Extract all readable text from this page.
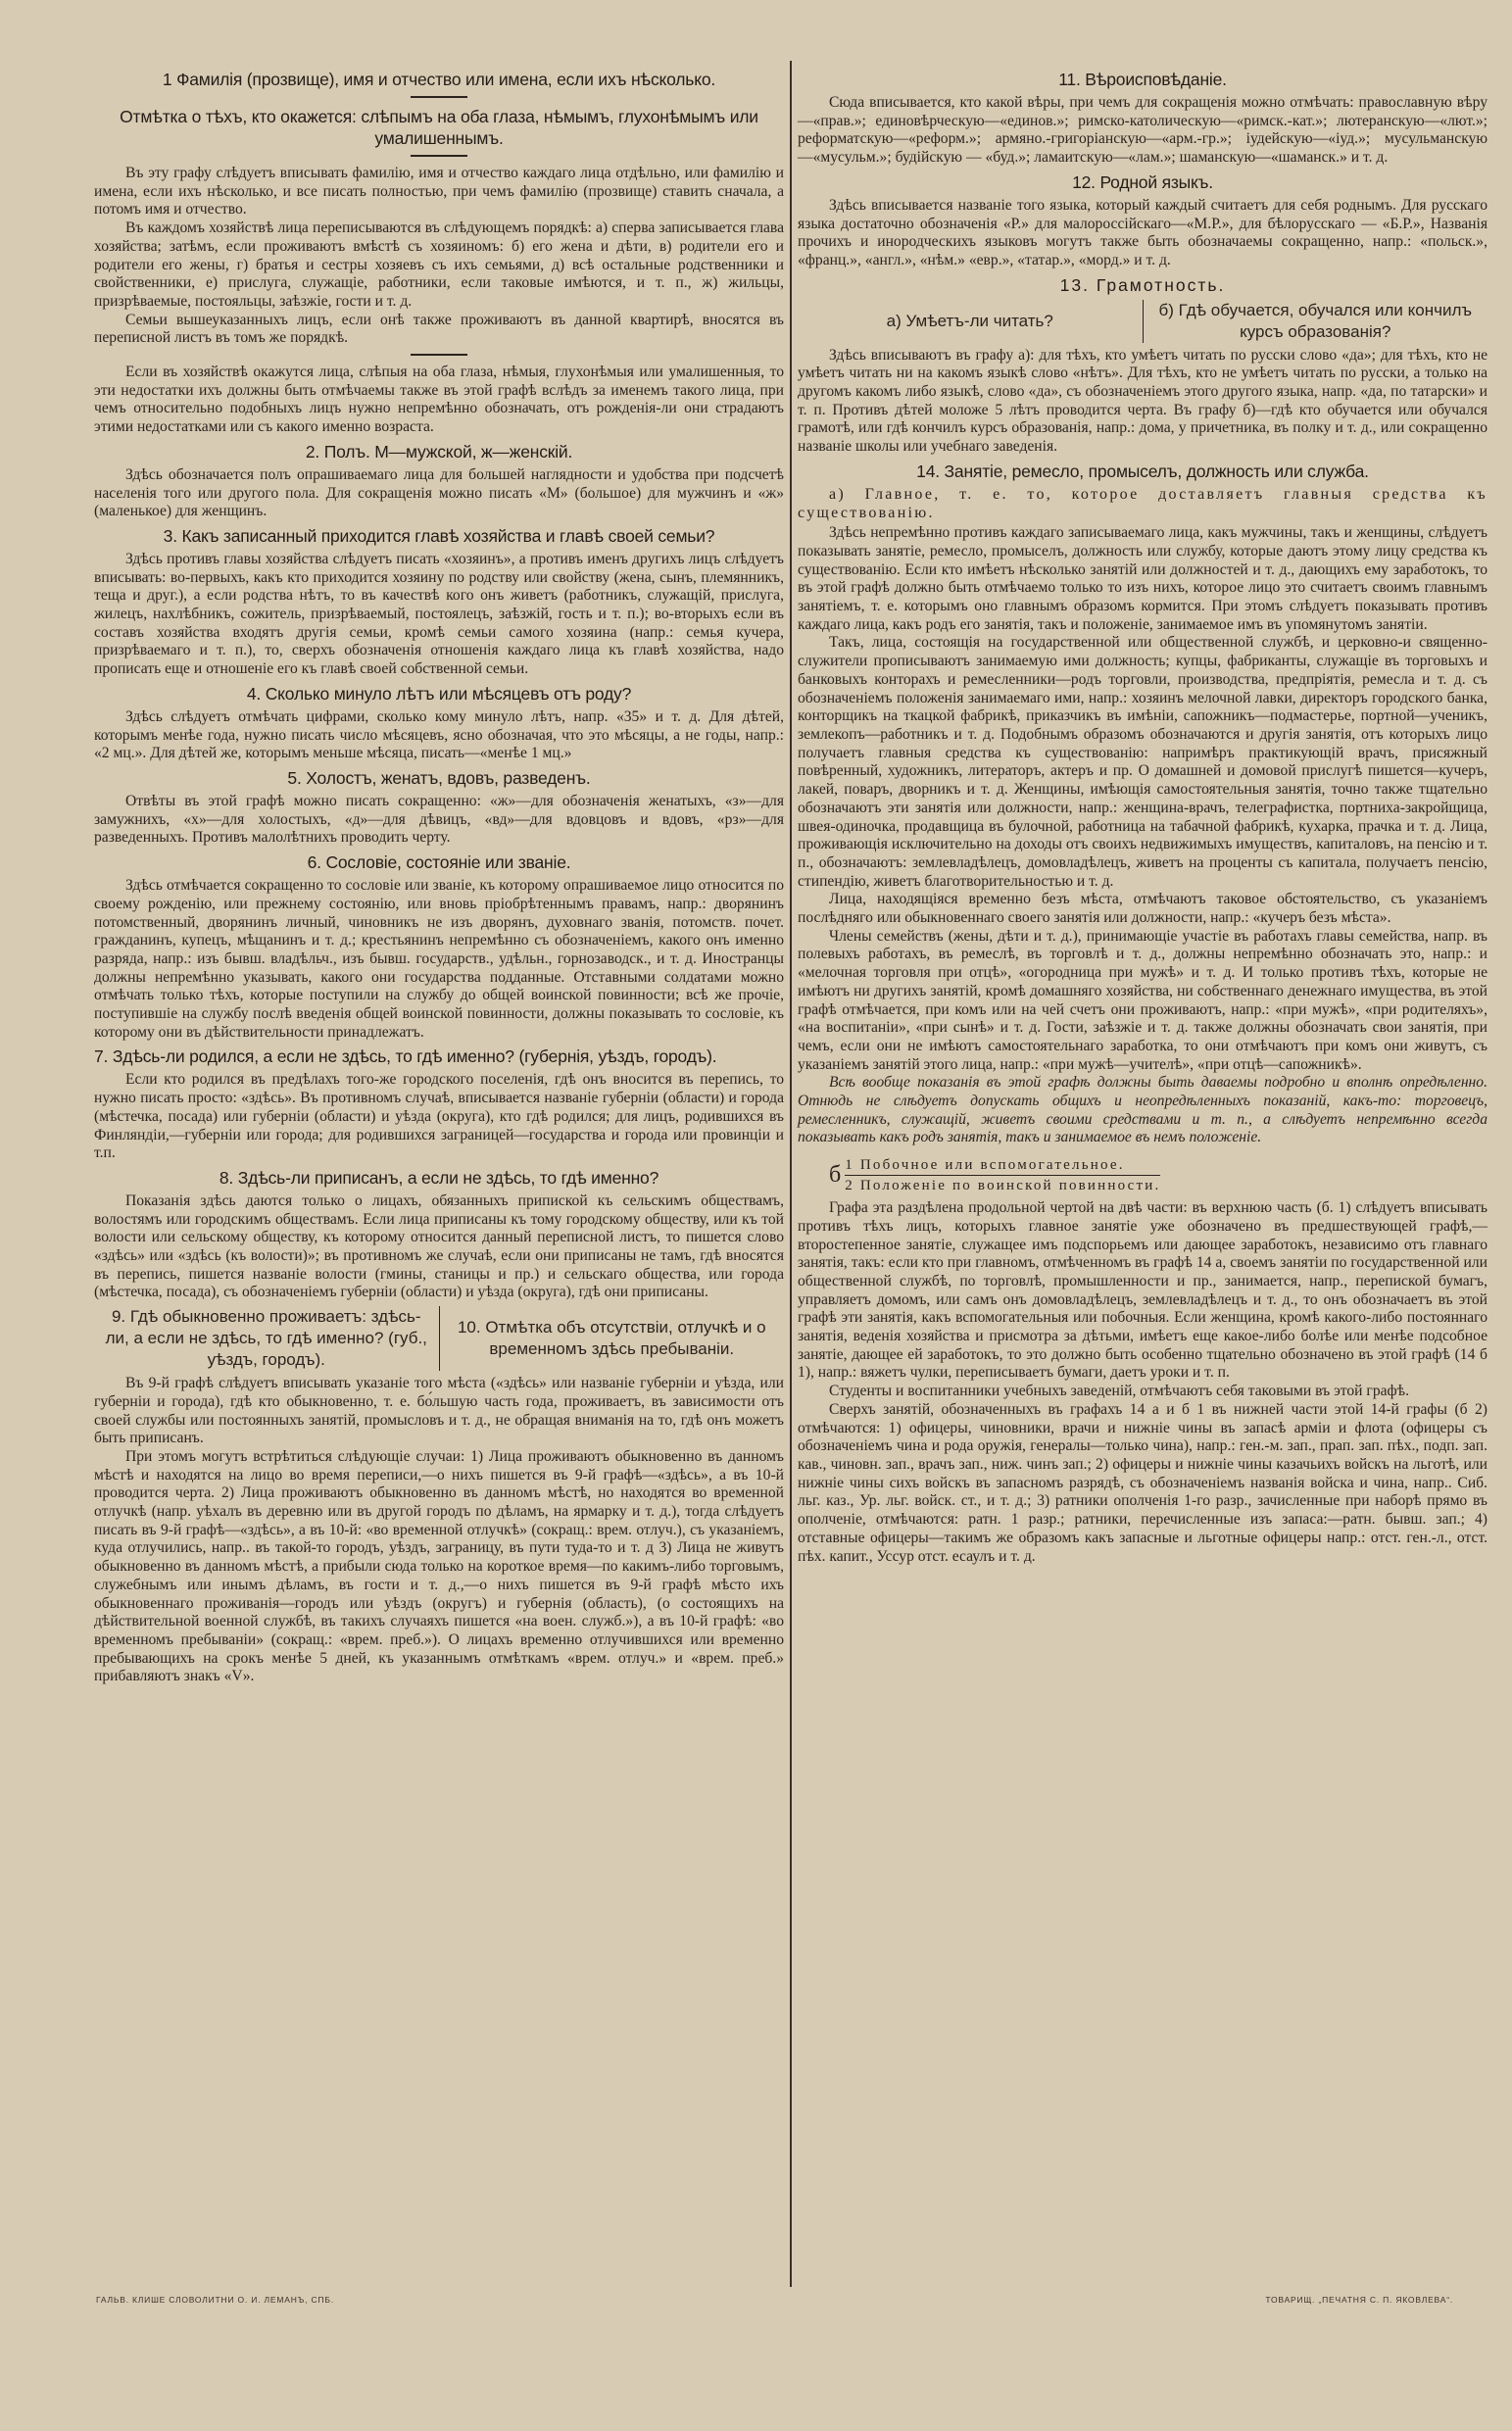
1 Фамилія (прозвище), имя и отчество или имена, если ихъ нѣсколько.
Отмѣтка о тѣхъ, кто окажется: слѣпымъ на оба глаза, нѣмымъ, глухонѣмымъ или умалишеннымъ.

Въ эту графу слѣдуетъ вписывать фамилію, имя и отчество каждаго лица отдѣльно, или фамилію и имена, если ихъ нѣсколько, и все писать полностью, при чемъ фамилію (прозвище) ставить сначала, а потомъ имя и отчество.

Въ каждомъ хозяйствѣ лица переписываются въ слѣдующемъ порядкѣ: а) сперва записывается глава хозяйства; затѣмъ, если проживаютъ вмѣстѣ съ хозяиномъ: б) его жена и дѣти, в) родители его и родители его жены, г) братья и сестры хозяевъ съ ихъ семьями, д) всѣ остальные родственники и свойственники, е) прислуга, служащіе, работники, если таковые имѣются, и т. п., ж) жильцы, призрѣваемые, постояльцы, заѣзжіе, гости и т. д.

Семьи вышеуказанныхъ лицъ, если онѣ также проживаютъ въ данной квартирѣ, вносятся въ переписной листъ въ томъ же порядкѣ.

Если въ хозяйствѣ окажутся лица, слѣпыя на оба глаза, нѣмыя, глухонѣмыя или умалишенныя, то эти недостатки ихъ должны быть отмѣчаемы также въ этой графѣ вслѣдъ за именемъ такого лица, при чемъ относительно подобныхъ лицъ нужно непремѣнно обозначать, отъ рожденія-ли они страдаютъ этими недостатками или съ какого именно возраста.

2. Полъ. М—мужской, ж—женскій.

Здѣсь обозначается полъ опрашиваемаго лица для большей наглядности и удобства при подсчетѣ населенія того или другого пола. Для сокращенія можно писать «М» (большое) для мужчинъ и «ж» (маленькое) для женщинъ.

3. Какъ записанный приходится главѣ хозяйства и главѣ своей семьи?

Здѣсь противъ главы хозяйства слѣдуетъ писать «хозяинъ», а противъ именъ другихъ лицъ слѣдуетъ вписывать: во-первыхъ, какъ кто приходится хозяину по родству или свойству (жена, сынъ, племянникъ, теща и друг.), а если родства нѣтъ, то въ качествѣ кого онъ живетъ (работникъ, служащій, прислуга, жилецъ, нахлѣбникъ, сожитель, призрѣваемый, постоялецъ, заѣзжій, гость и т. п.); во-вторыхъ если въ составъ хозяйства входятъ другія семьи, кромѣ семьи самого хозяина (напр.: семья кучера, призрѣваемаго и т. п.), то, сверхъ обозначенія отношенія каждаго лица къ главѣ хозяйства, надо прописать еще и отношеніе его къ главѣ своей собственной семьи.

4. Сколько минуло лѣтъ или мѣсяцевъ отъ роду?

Здѣсь слѣдуетъ отмѣчать цифрами, сколько кому минуло лѣтъ, напр. «35» и т. д. Для дѣтей, которымъ менѣе года, нужно писать число мѣсяцевъ, ясно обозначая, что это мѣсяцы, а не годы, напр.: «2 мц.». Для дѣтей же, которымъ меньше мѣсяца, писать—«менѣе 1 мц.»

5. Холостъ, женатъ, вдовъ, разведенъ.

Отвѣты въ этой графѣ можно писать сокращенно: «ж»—для обозначенія женатыхъ, «з»—для замужнихъ, «х»—для холостыхъ, «д»—для дѣвицъ, «вд»—для вдовцовъ и вдовъ, «рз»—для разведенныхъ. Противъ малолѣтнихъ проводить черту.

6. Сословіе, состояніе или званіе.

Здѣсь отмѣчается сокращенно то сословіе или званіе, къ которому опрашиваемое лицо относится по своему рожденію, или прежнему состоянію, или вновь пріобрѣтеннымъ правамъ, напр.: дворянинъ потомственный, дворянинъ личный, чиновникъ не изъ дворянъ, духовнаго званія, потомств. почет. гражданинъ, купецъ, мѣщанинъ и т. д.; крестьянинъ непремѣнно съ обозначеніемъ, какого онъ именно разряда, напр.: изъ бывш. владѣльч., изъ бывш. государств., удѣльн., горнозаводск., и т. д. Иностранцы должны непремѣнно указывать, какого они государства подданные. Отставными солдатами можно отмѣчать только тѣхъ, которые поступили на службу до общей воинской повинности; всѣ же прочіе, поступившіе на службу послѣ введенія общей воинской повинности, должны показывать то сословіе, къ которому они въ дѣйствительности принадлежатъ.

7. Здѣсь-ли родился, а если не здѣсь, то гдѣ именно? (губернія, уѣздъ, городъ).

Если кто родился въ предѣлахъ того-же городского поселенія, гдѣ онъ вносится въ перепись, то нужно писать просто: «здѣсь». Въ противномъ случаѣ, вписывается названіе губерніи (области) и города (мѣстечка, посада) или губерніи (области) и уѣзда (округа), кто гдѣ родился; для лицъ, родившихся въ Финляндіи,—губерніи или города; для родившихся заграницей—государства и города или провинціи и т.п.

8. Здѣсь-ли приписанъ, а если не здѣсь, то гдѣ именно?

Показанія здѣсь даются только о лицахъ, обязанныхъ припиской къ сельскимъ обществамъ, волостямъ или городскимъ обществамъ. Если лица приписаны къ тому городскому обществу, или къ той волости или сельскому обществу, къ которому относится данный переписной листъ, то пишется слово «здѣсь» или «здѣсь (къ волости)»; въ противномъ же случаѣ, если они приписаны не тамъ, гдѣ вносятся въ перепись, пишется названіе волости (гмины, станицы и пр.) и сельскаго общества, или города (мѣстечка, посада), съ обозначеніемъ губерніи (области) и уѣзда (округа), гдѣ они приписаны.

9. Гдѣ обыкновенно проживаетъ: здѣсь-ли, а если не здѣсь, то гдѣ именно? (губ., уѣздъ, городъ).
10. Отмѣтка объ отсутствіи, отлучкѣ и о временномъ здѣсь пребываніи.

Въ 9-й графѣ слѣдуетъ вписывать указаніе того мѣста («здѣсь» или названіе губерніи и уѣзда, или губерніи и города), гдѣ кто обыкновенно, т. е. бо́льшую часть года, проживаетъ, въ зависимости отъ своей службы или постоянныхъ занятій, промысловъ и т. д., не обращая вниманія на то, гдѣ онъ можетъ быть приписанъ.

При этомъ могутъ встрѣтиться слѣдующіе случаи: 1) Лица проживаютъ обыкновенно въ данномъ мѣстѣ и находятся на лицо во время переписи,—о нихъ пишется въ 9-й графѣ—«здѣсь», а въ 10-й проводится черта. 2) Лица проживаютъ обыкновенно въ данномъ мѣстѣ, но находятся во временной отлучкѣ (напр. уѣхалъ въ деревню или въ другой городъ по дѣламъ, на ярмарку и т. д.), тогда слѣдуетъ писать въ 9-й графѣ—«здѣсь», а въ 10-й: «во временной отлучкѣ» (сокращ.: врем. отлуч.), съ указаніемъ, куда отлучились, напр.. въ такой-то городъ, уѣздъ, заграницу, въ пути туда-то и т. д 3) Лица не живутъ обыкновенно въ данномъ мѣстѣ, а прибыли сюда только на короткое время—по какимъ-либо торговымъ, служебнымъ или инымъ дѣламъ, въ гости и т. д.,—о нихъ пишется въ 9-й графѣ мѣсто ихъ обыкновеннаго проживанія—городъ или уѣздъ (округъ) и губернія (область), (о состоящихъ на дѣйствительной военной службѣ, въ такихъ случаяхъ пишется «на воен. служб.»), а въ 10-й графѣ: «во временномъ пребываніи» (сокращ.: «врем. преб.»). О лицахъ временно отлучившихся или временно пребывающихъ на срокъ менѣе 5 дней, къ указаннымъ отмѣткамъ «врем. отлуч.» и «врем. преб.» прибавляютъ знакъ «V».

11. Вѣроисповѣданіе.

Сюда вписывается, кто какой вѣры, при чемъ для сокращенія можно отмѣчать: православную вѣру—«прав.»; единовѣрческую—«единов.»; римско-католическую—«римск.-кат.»; лютеранскую—«лют.»; реформатскую—«реформ.»; армяно.-григоріанскую—«арм.-гр.»; іудейскую—«іуд.»; мусульманскую—«мусульм.»; будійскую — «буд.»; ламаитскую—«лам.»; шаманскую—«шаманск.» и т. д.

12. Родной языкъ.

Здѣсь вписывается названіе того языка, который каждый считаетъ для себя роднымъ. Для русскаго языка достаточно обозначенія «Р.» для малороссійскаго—«М.Р.», для бѣлорусскаго — «Б.Р.», Названія прочихъ и инородческихъ языковъ могутъ также быть обозначаемы сокращенно, напр.: «польск.», «франц.», «англ.», «нѣм.» «евр.», «татар.», «морд.» и т. д.

13. Грамотность.
а) Умѣетъ-ли читать?
б) Гдѣ обучается, обучался или кончилъ курсъ образованія?

Здѣсь вписываютъ въ графу а): для тѣхъ, кто умѣетъ читать по русски слово «да»; для тѣхъ, кто не умѣетъ читать ни на какомъ языкѣ слово «нѣтъ». Для тѣхъ, кто не умѣетъ читать по русски, а только на другомъ какомъ либо языкѣ, слово «да», съ обозначеніемъ этого другого языка, напр. «да, по татарски» и т. п. Противъ дѣтей моложе 5 лѣтъ проводится черта. Въ графу б)—гдѣ кто обучается или обучался грамотѣ, или гдѣ кончилъ курсъ образованія, напр.: дома, у причетника, въ полку и т. д., или сокращенно названіе школы или учебнаго заведенія.

14. Занятіе, ремесло, промыселъ, должность или служба.

а) Главное, т. е. то, которое доставляетъ главныя средства къ существованію.

Здѣсь непремѣнно противъ каждаго записываемаго лица, какъ мужчины, такъ и женщины, слѣдуетъ показывать занятіе, ремесло, промыселъ, должность или службу, которые даютъ этому лицу средства къ существованію. Если кто имѣетъ нѣсколько занятій или должностей и т. д., дающихъ ему заработокъ, то въ этой графѣ должно быть отмѣчаемо только то изъ нихъ, которое лицо это считаетъ своимъ главнымъ занятіемъ, т. е. которымъ оно главнымъ образомъ кормится. При этомъ слѣдуетъ показывать противъ каждаго лица, какъ родъ его занятія, такъ и положеніе, занимаемое имъ въ упомянутомъ занятіи.

Такъ, лица, состоящія на государственной или общественной службѣ, и церковно-и священно-служители прописываютъ занимаемую ими должность; купцы, фабриканты, служащіе въ торговыхъ и банковыхъ конторахъ и ремесленники—родъ торговли, производства, предпріятія, ремесла и т. д. съ обозначеніемъ положенія занимаемаго ими, напр.: хозяинъ мелочной лавки, директоръ городского банка, конторщикъ на ткацкой фабрикѣ, приказчикъ въ имѣніи, сапожникъ—подмастерье, портной—ученикъ, землекопъ—работникъ и т. д. Подобнымъ образомъ обозначаются и другія занятія, отъ которыхъ лицо получаетъ главныя средства къ существованію: напримѣръ практикующій врачъ, присяжный повѣренный, художникъ, литераторъ, актеръ и пр. О домашней и домовой прислугѣ пишется—кучеръ, лакей, поваръ, дворникъ и т. д. Женщины, имѣющія самостоятельныя занятія, точно также тщательно обозначаютъ эти занятія или должности, напр.: женщина-врачъ, телеграфистка, портниха-закройщица, швея-одиночка, продавщица въ булочной, работница на табачной фабрикѣ, кухарка, прачка и т. д. Лица, проживающія исключительно на доходы отъ своихъ недвижимыхъ имуществъ, капиталовъ, на пенсію и т. п., обозначаютъ: землевладѣлецъ, домовладѣлецъ, живетъ на проценты съ капитала, получаетъ пенсію, стипендію, живетъ благотворительностью и т. д.

Лица, находящіяся временно безъ мѣста, отмѣчаютъ таковое обстоятельство, съ указаніемъ послѣдняго или обыкновеннаго своего занятія или должности, напр.: «кучеръ безъ мѣста».

Члены семействъ (жены, дѣти и т. д.), принимающіе участіе въ работахъ главы семейства, напр. въ полевыхъ работахъ, въ ремеслѣ, въ торговлѣ и т. д., должны непремѣнно обозначать это, напр.: и «мелочная торговля при отцѣ», «огородница при мужѣ» и т. д. И только противъ тѣхъ, которые не имѣютъ ни другихъ занятій, кромѣ домашняго хозяйства, ни собственнаго денежнаго имущества, въ этой графѣ отмѣчается, при комъ или на чей счетъ они проживаютъ, напр.: «при мужѣ», «при родителяхъ», «на воспитаніи», «при сынѣ» и т. д. Гости, заѣзжіе и т. д. также должны обозначать свои занятія, при чемъ, если они не имѣютъ самостоятельнаго заработка, то они отмѣчаютъ при комъ они живутъ, съ указаніемъ занятій этого лица, напр.: «при мужѣ—учителѣ», «при отцѣ—сапожникѣ».

Всѣ вообще показанія въ этой графѣ должны быть даваемы подробно и вполнѣ опредѣленно. Отнюдь не слѣдуетъ допускать общихъ и неопредѣленныхъ показаній, какъ-то: торговецъ, ремесленникъ, служащій, живетъ своими средствами и т. п., а слѣдуетъ непремѣнно всегда показывать какъ родъ занятія, такъ и занимаемое въ немъ положеніе.

б 1 Побочное или вспомогательное.
2 Положеніе по воинской повинности.

Графа эта раздѣлена продольной чертой на двѣ части: въ верхнюю часть (б. 1) слѣдуетъ вписывать противъ тѣхъ лицъ, которыхъ главное занятіе уже обозначено въ предшествующей графѣ,—второстепенное занятіе, служащее имъ подспорьемъ или дающее заработокъ, независимо отъ главнаго занятія, такъ: если кто при главномъ, отмѣченномъ въ графѣ 14 а, своемъ занятіи по государственной или общественной службѣ, по торговлѣ, промышленности и пр., занимается, напр., перепиской бумагъ, управляетъ домомъ, или самъ онъ домовладѣлецъ, землевладѣлецъ и т. д., то онъ обозначаетъ въ этой графѣ эти занятія, какъ вспомогательныя или побочныя. Если женщина, кромѣ какого-либо постояннаго занятія, веденія хозяйства и присмотра за дѣтьми, имѣетъ еще какое-либо болѣе или менѣе подсобное занятіе, дающее ей заработокъ, то это должно быть особенно тщательно обозначено въ этой графѣ (14 б 1), напр.: вяжетъ чулки, переписываетъ бумаги, даетъ уроки и т. п.

Студенты и воспитанники учебныхъ заведеній, отмѣчаютъ себя таковыми въ этой графѣ.

Сверхъ занятій, обозначенныхъ въ графахъ 14 а и б 1 въ нижней части этой 14-й графы (б 2) отмѣчаются: 1) офицеры, чиновники, врачи и нижніе чины въ запасѣ арміи и флота (офицеры съ обозначеніемъ чина и рода оружія, генералы—только чина), напр.: ген.-м. зап., прап. зап. пѣх., подп. зап. кав., чиновн. зап., врачъ зап., ниж. чинъ зап.; 2) офицеры и нижніе чины казачьихъ войскъ на льготѣ, или нижніе чины сихъ войскъ въ запасномъ разрядѣ, съ обозначеніемъ названія войска и чина, напр.. Сиб. льг. каз., Ур. льг. войск. ст., и т. д.; 3) ратники ополченія 1-го разр., зачисленные при наборѣ прямо въ ополченіе, отмѣчаются: ратн. 1 разр.; ратники, перечисленные изъ запаса:—ратн. бывш. зап.; 4) отставные офицеры—такимъ же образомъ какъ запасные и льготные офицеры напр.: отст. ген.-л., отст. пѣх. капит., Уссур отст. есаулъ и т. д.

ГАЛЬВ. КЛИШЕ СЛОВОЛИТНИ О. И. ЛЕМАНЪ, СПБ.	ТОВАРИЩ. „ПЕЧАТНЯ С. П. ЯКОВЛЕВА“.
